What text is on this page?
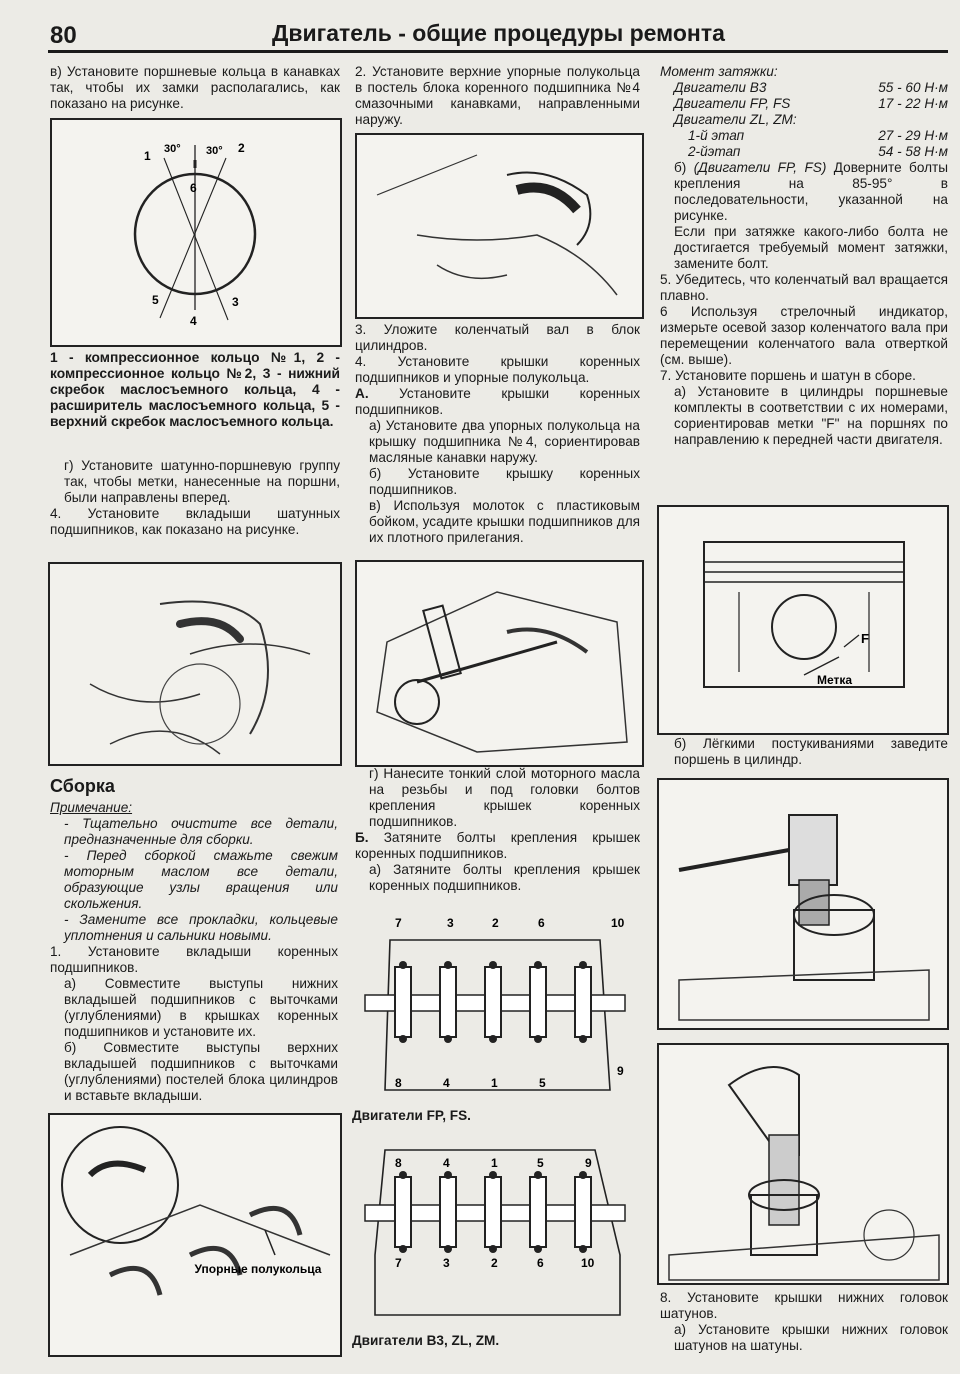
80	Двигатель - общие процедуры ремонта

в) Установите поршневые кольца в канавках так, чтобы их замки располагались, как показано на рисунке.

1 30° 30° 2
6
5	3
4

1 - компрессионное кольцо №1, 2 - компрессионное кольцо №2, 3 - нижний скребок маслосъемного кольца, 4 - расширитель маслосъемного кольца, 5 - верхний скребок маслосъемного кольца.

г) Установите шатунно-поршневую группу так, чтобы метки, нанесенные на поршни, были направлены вперед.

4. Установите вкладыши шатунных подшипников, как показано на рисунке.

Сборка

Примечание:

- Тщательно очистите все детали, предназначенные для сборки.

- Перед сборкой смажьте свежим моторным маслом все детали, образующие узлы вращения или скольжения.

- Замените все прокладки, кольцевые уплотнения и сальники новыми.

1. Установите вкладыши коренных подшипников.

а) Совместите выступы нижних вкладышей подшипников с выточками (углублениями) в крышках коренных подшипников и установите их.

б) Совместите выступы верхних вкладышей подшипников с выточками (углублениями) постелей блока цилиндров и вставьте вкладыши.

Упорные полукольца

2. Установите верхние упорные полукольца в постель блока коренного подшипника №4 смазочными канавками, направленными наружу.

3. Уложите коленчатый вал в блок цилиндров.

4. Установите крышки коренных подшипников и упорные полукольца.

А. Установите крышки коренных подшипников.

а) Установите два упорных полукольца на крышку подшипника №4, сориентировав масляные канавки наружу.

б) Установите крышку коренных подшипников.

в) Используя молоток с пластиковым бойком, усадите крышки подшипников для их плотного прилегания.

г) Нанесите тонкий слой моторного масла на резьбы и под головки болтов крепления крышек коренных подшипников.

Б. Затяните болты крепления крышек коренных подшипников.

а) Затяните болты крепления крышек коренных подшипников.

7	3	2	6	10
8	4	1	5
9
Двигатели FP, FS.
8	4	1	5	9
7	3	2	6	10
Двигатели B3, ZL, ZM.

Момент затяжки:

Двигатели B3	55 - 60 Н·м
Двигатели FP, FS	17 - 22 Н·м

Двигатели ZL, ZM:

1-й этап	27 - 29 Н·м
2-йэтап	54 - 58 Н·м

б) (Двигатели FP, FS) Доверните болты крепления на 85-95° в последовательности, указанной на рисунке.

Если при затяжке какого-либо болта не достигается требуемый момент затяжки, замените болт.

5. Убедитесь, что коленчатый вал вращается плавно.

6 Используя стрелочный индикатор, измерьте осевой зазор коленчатого вала при перемещении коленчатого вала отверткой (см. выше).

7. Установите поршень и шатун в сборе.

а) Установите в цилиндры поршневые комплекты в соответствии с их номерами, сориентировав метки "F" на поршнях по направлению к передней части двигателя.

F
Метка

б) Лёгкими постукиваниями заведите поршень в цилиндр.

8. Установите крышки нижних головок шатунов.

а) Установите крышки нижних головок шатунов на шатуны.
